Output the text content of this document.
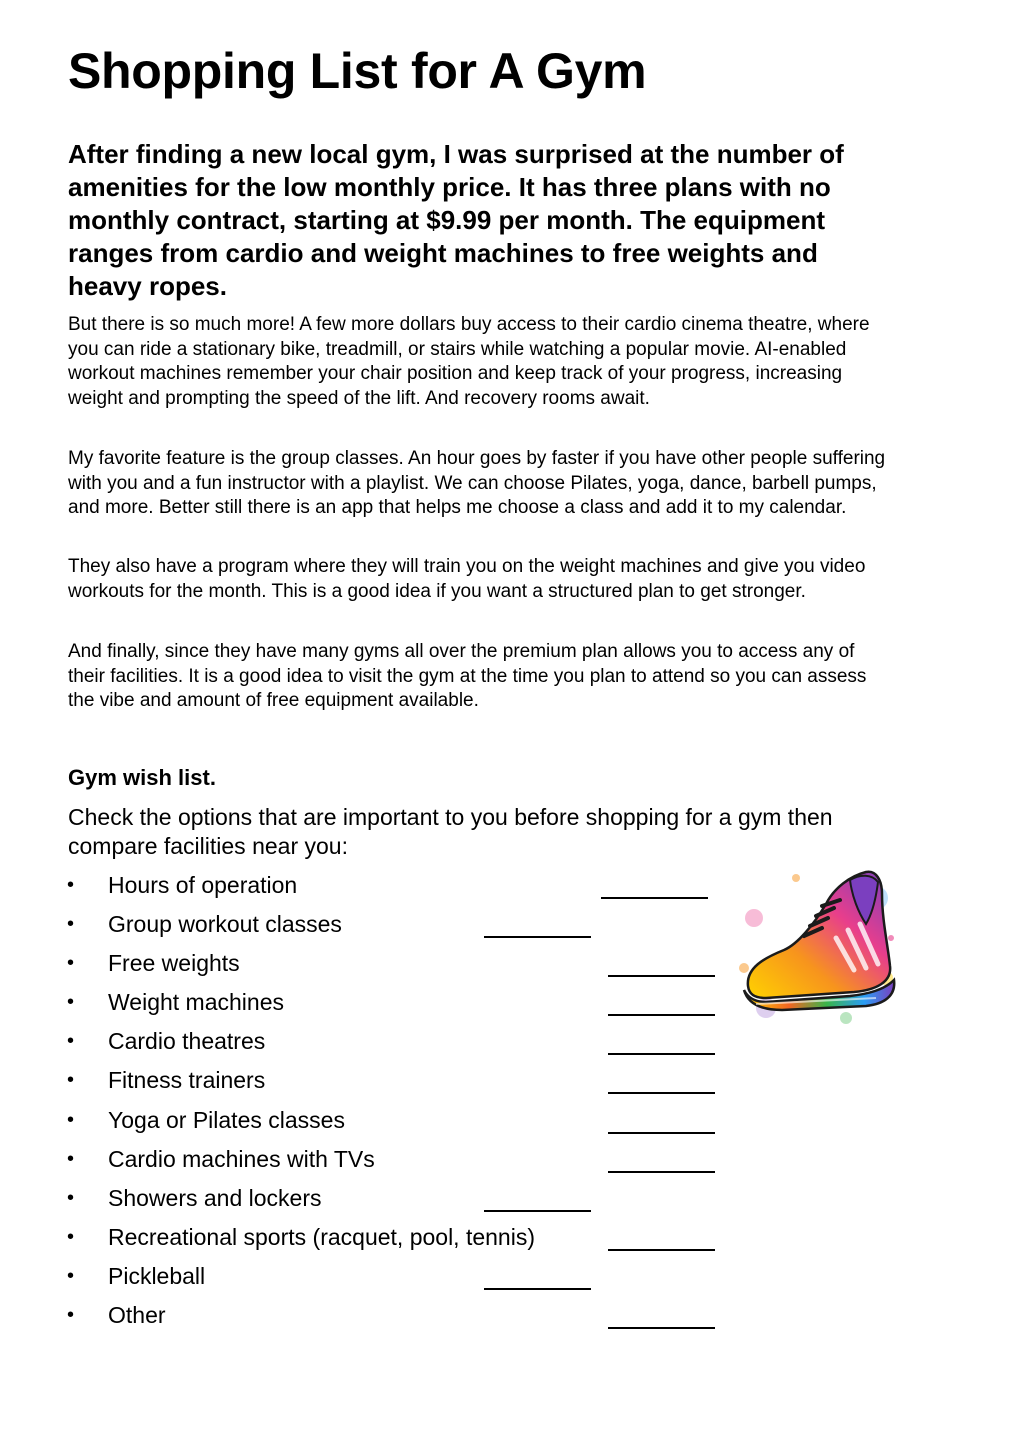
Shopping List for A Gym

After finding a new local gym, I was surprised at the number of amenities for the low monthly price. It has three plans with no monthly contract, starting at $9.99 per month. The equipment ranges from cardio and weight machines to free weights and heavy ropes.

But there is so much more! A few more dollars buy access to their cardio cinema theatre, where you can ride a stationary bike, treadmill, or stairs while watching a popular movie. AI-enabled workout machines remember your chair position and keep track of your progress, increasing weight and prompting the speed of the lift. And recovery rooms await.

My favorite feature is the group classes. An hour goes by faster if you have other people suffering with you and a fun instructor with a playlist. We can choose Pilates, yoga, dance, barbell pumps, and more. Better still there is an app that helps me choose a class and add it to my calendar.

They also have a program where they will train you on the weight machines and give you video workouts for the month. This is a good idea if you want a structured plan to get stronger.

And finally, since they have many gyms all over the premium plan allows you to access any of their facilities. It is a good idea to visit the gym at the time you plan to attend so you can assess the vibe and amount of free equipment available.

Gym wish list.

Check the options that are important to you before shopping for a gym then compare facilities near you:

• Hours of operation
• Group workout classes
• Free weights
• Weight machines
• Cardio theatres
• Fitness trainers
• Yoga or Pilates classes
• Cardio machines with TVs
• Showers and lockers
• Recreational sports (racquet, pool, tennis)
• Pickleball
• Other
